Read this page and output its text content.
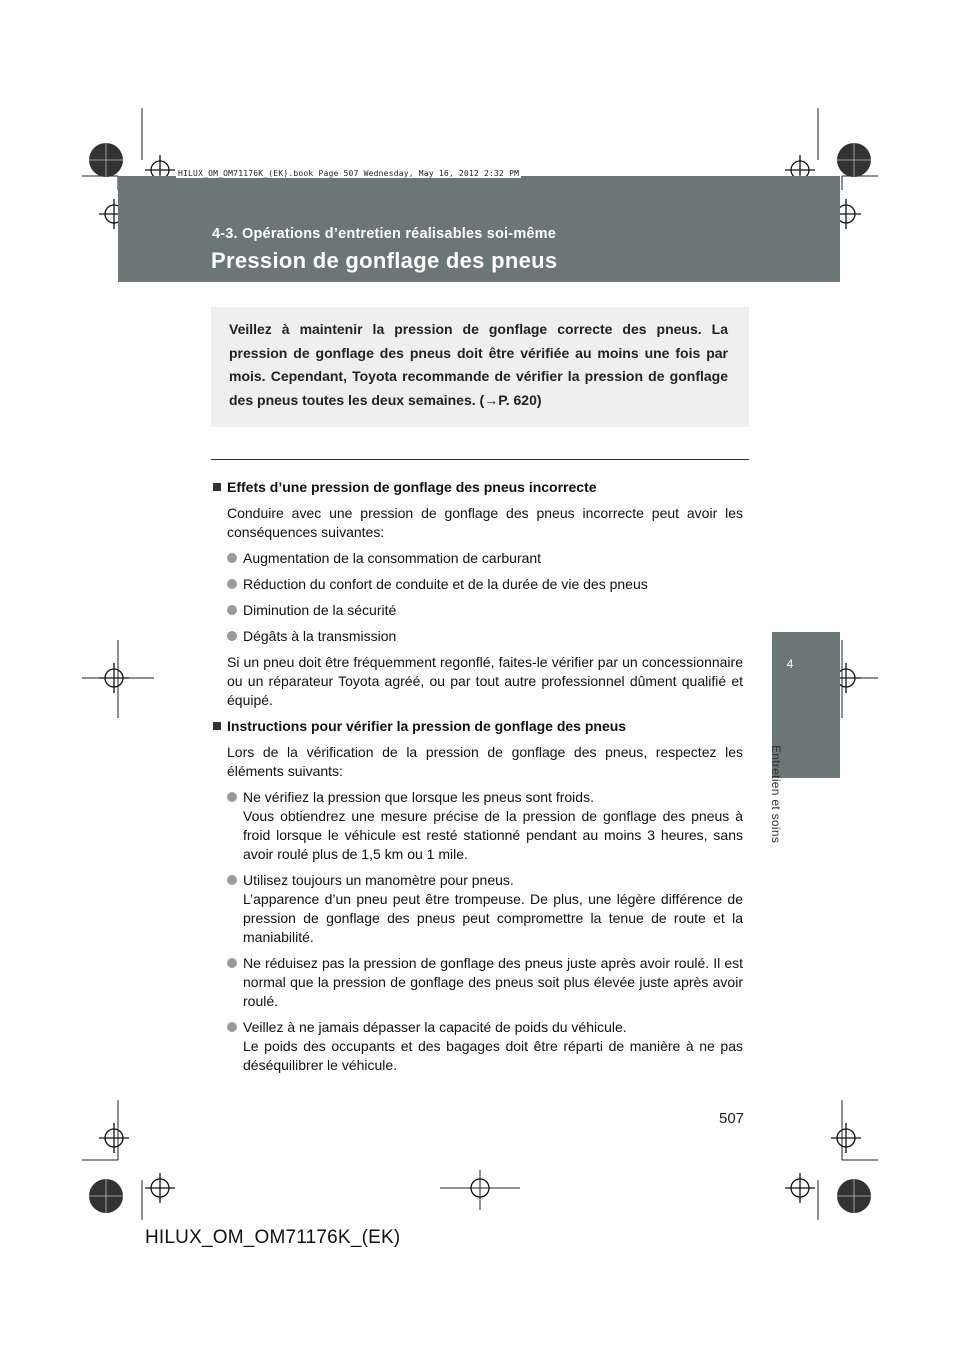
HILUX_OM_OM71176K_(EK).book Page 507 Wednesday, May 16, 2012 2:32 PM
4-3. Opérations d’entretien réalisables soi-même
Pression de gonflage des pneus
4
Entretien et soins
Veillez à maintenir la pression de gonflage correcte des pneus. La pression de gonflage des pneus doit être vérifiée au moins une fois par mois. Cependant, Toyota recommande de vérifier la pression de gonflage des pneus toutes les deux semaines. (→P. 620)
Effets d’une pression de gonflage des pneus incorrecte
Conduire avec une pression de gonflage des pneus incorrecte peut avoir les conséquences suivantes:
Augmentation de la consommation de carburant
Réduction du confort de conduite et de la durée de vie des pneus
Diminution de la sécurité
Dégâts à la transmission
Si un pneu doit être fréquemment regonflé, faites-le vérifier par un concessionnaire ou un réparateur Toyota agréé, ou par tout autre professionnel dûment qualifié et équipé.
Instructions pour vérifier la pression de gonflage des pneus
Lors de la vérification de la pression de gonflage des pneus, respectez les éléments suivants:
Ne vérifiez la pression que lorsque les pneus sont froids.
Vous obtiendrez une mesure précise de la pression de gonflage des pneus à froid lorsque le véhicule est resté stationné pendant au moins 3 heures, sans avoir roulé plus de 1,5 km ou 1 mile.
Utilisez toujours un manomètre pour pneus.
L’apparence d’un pneu peut être trompeuse. De plus, une légère différence de pression de gonflage des pneus peut compromettre la tenue de route et la maniabilité.
Ne réduisez pas la pression de gonflage des pneus juste après avoir roulé. Il est normal que la pression de gonflage des pneus soit plus élevée juste après avoir roulé.
Veillez à ne jamais dépasser la capacité de poids du véhicule.
Le poids des occupants et des bagages doit être réparti de manière à ne pas déséquilibrer le véhicule.
507
HILUX_OM_OM71176K_(EK)
